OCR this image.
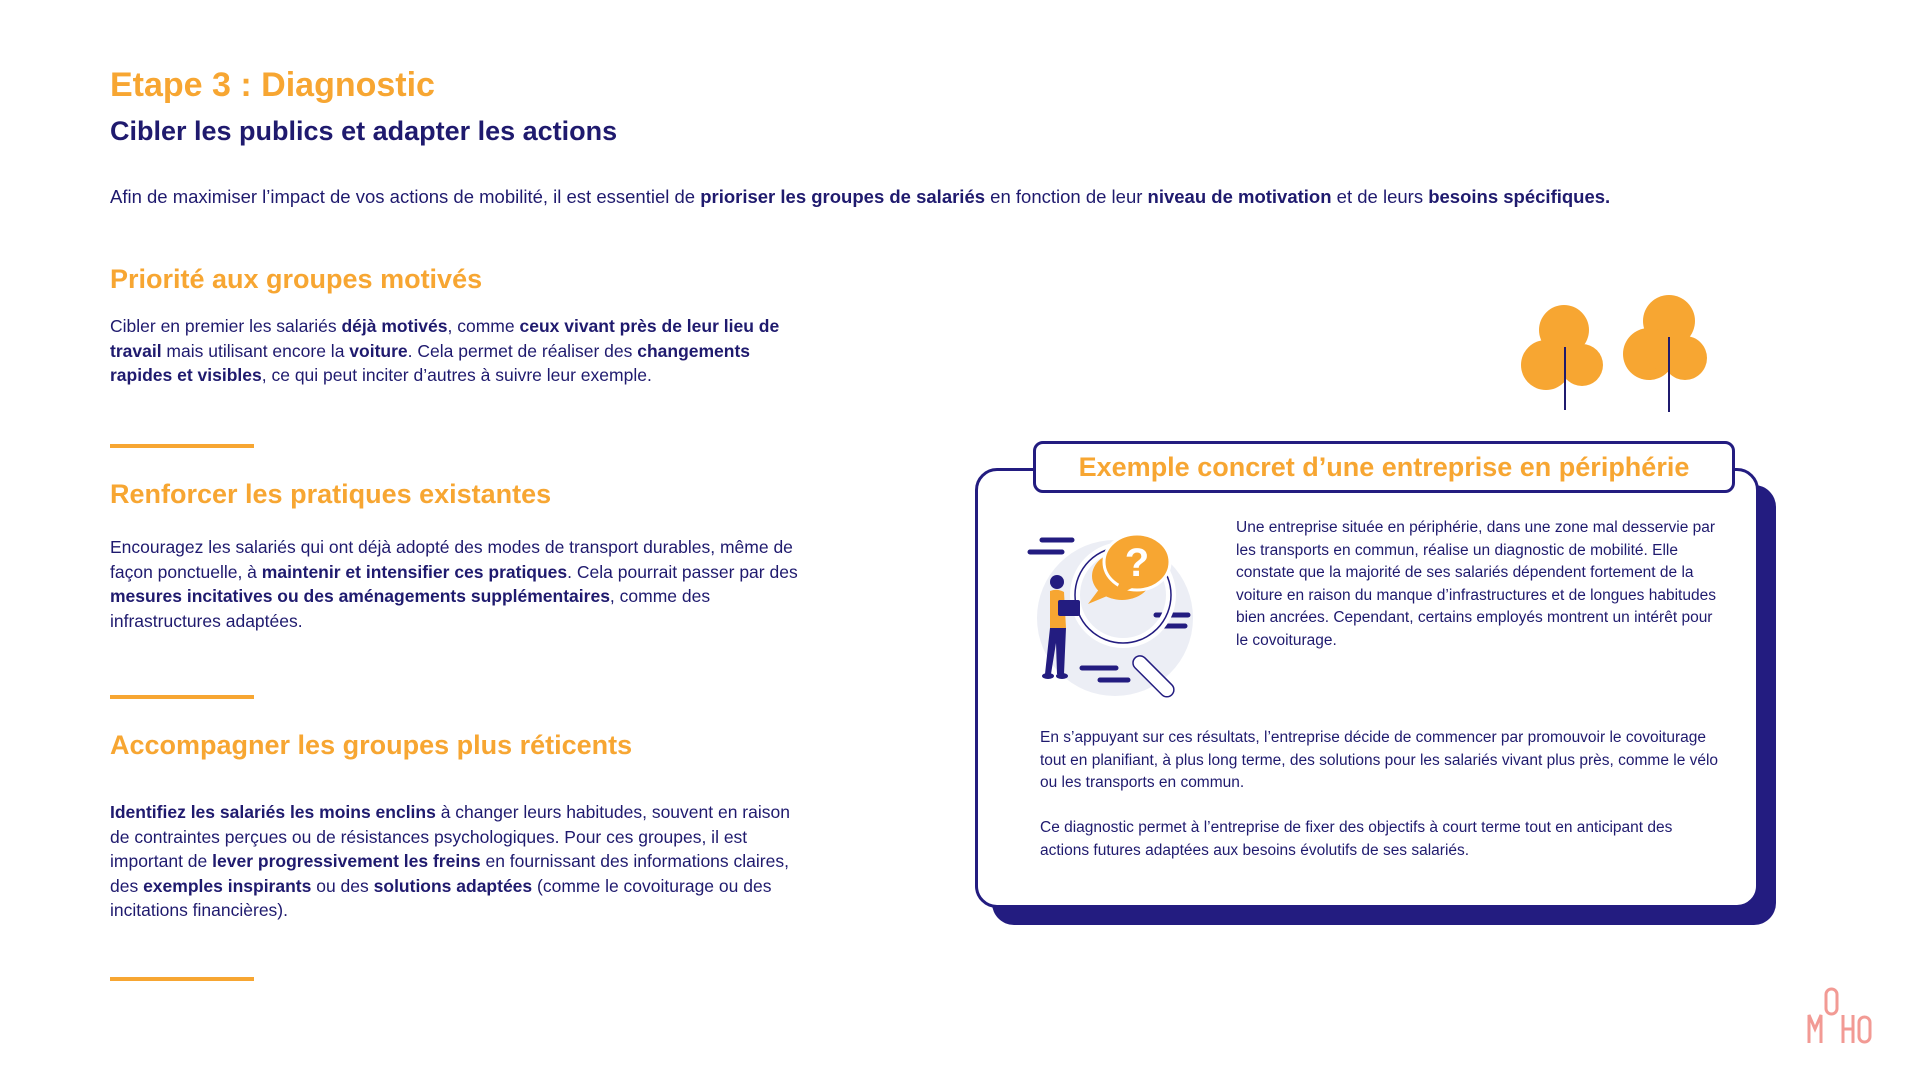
Etape 3 : Diagnostic
Cibler les publics et adapter les actions

Afin de maximiser l’impact de vos actions de mobilité, il est essentiel de prioriser les groupes de salariés en fonction de leur niveau de motivation et de leurs besoins spécifiques.

Priorité aux groupes motivés

Cibler en premier les salariés déjà motivés, comme ceux vivant près de leur lieu de travail mais utilisant encore la voiture. Cela permet de réaliser des changements rapides et visibles, ce qui peut inciter d’autres à suivre leur exemple.

Renforcer les pratiques existantes

Encouragez les salariés qui ont déjà adopté des modes de transport durables, même de façon ponctuelle, à maintenir et intensifier ces pratiques. Cela pourrait passer par des mesures incitatives ou des aménagements supplémentaires, comme des infrastructures adaptées.

Accompagner les groupes plus réticents

Identifiez les salariés les moins enclins à changer leurs habitudes, souvent en raison de contraintes perçues ou de résistances psychologiques. Pour ces groupes, il est important de lever progressivement les freins en fournissant des informations claires, des exemples inspirants ou des solutions adaptées (comme le covoiturage ou des incitations financières).

Exemple concret d’une entreprise en périphérie
?

Une entreprise située en périphérie, dans une zone mal desservie par les transports en commun, réalise un diagnostic de mobilité. Elle constate que la majorité de ses salariés dépendent fortement de la voiture en raison du manque d’infrastructures et de longues habitudes bien ancrées. Cependant, certains employés montrent un intérêt pour le covoiturage.

En s’appuyant sur ces résultats, l’entreprise décide de commencer par promouvoir le covoiturage tout en planifiant, à plus long terme, des solutions pour les salariés vivant plus près, comme le vélo ou les transports en commun.

Ce diagnostic permet à l’entreprise de fixer des objectifs à court terme tout en anticipant des actions futures adaptées aux besoins évolutifs de ses salariés.
